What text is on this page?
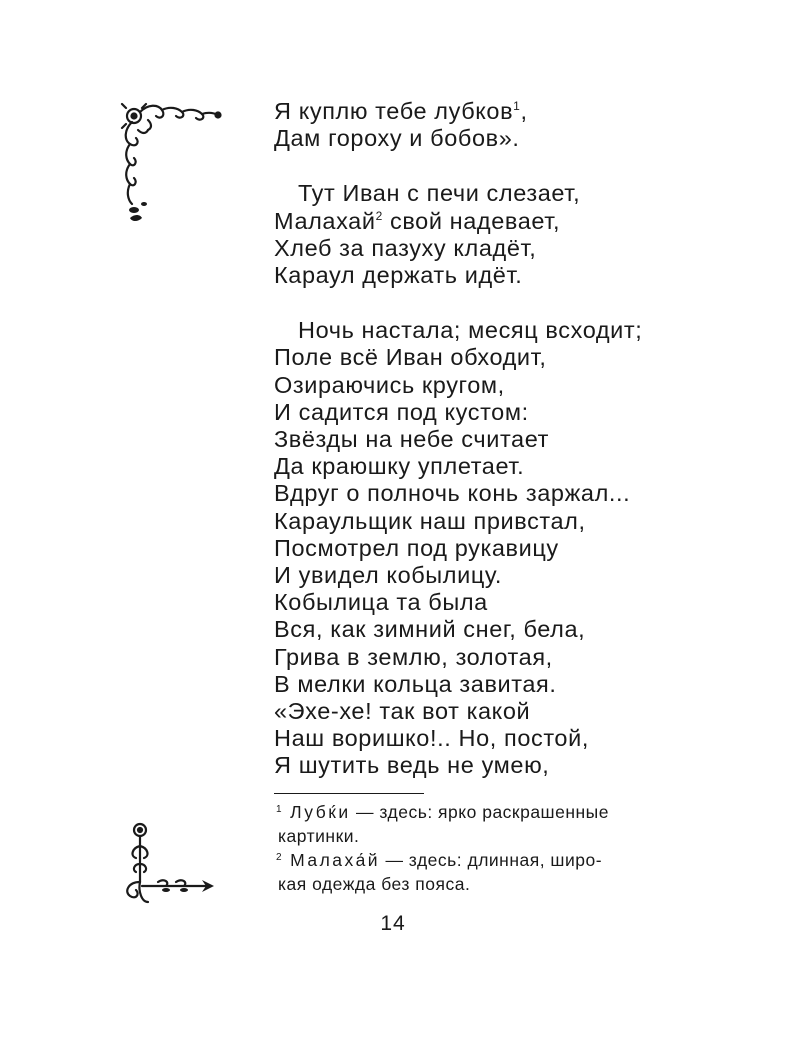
Я куплю тебе лубков$^1$,
Дам гороху и бобов».
Тут Иван с печи слезает,
Малахай$^2$ свой надевает,
Хлеб за пазуху кладёт,
Караул держать идёт.
Ночь настала; месяц всходит;
Поле всё Иван обходит,
Озираючись кругом,
И садится под кустом:
Звёзды на небе считает
Да краюшку уплетает.
Вдруг о полночь конь заржал...
Караульщик наш привстал,
Посмотрел под рукавицу
И увидел кобылицу.
Кобылица та была
Вся, как зимний снег, бела,
Грива в землю, золотая,
В мелки кольца завитая.
«Эхе-хе! так вот какой
Наш воришко!.. Но, постой,
Я шутить ведь не умею,
$^1$ Лубќи — здесь: ярко раскрашенные
картинки.
$^2$ Малаха́й — здесь: длинная, широ-
кая одежда без пояса.
14
